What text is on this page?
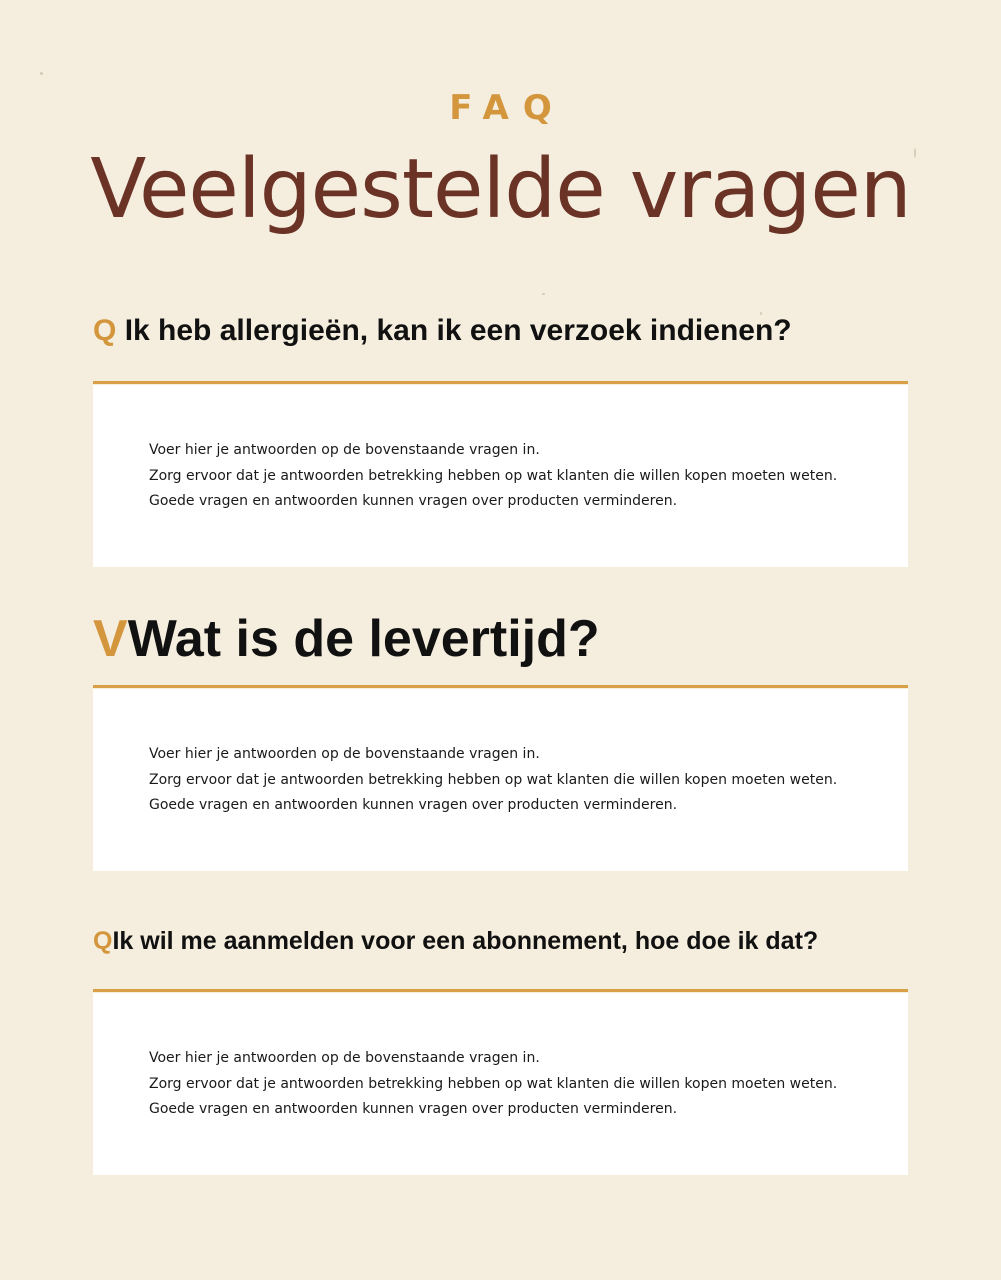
FAQ
Veelgestelde vragen
Q Ik heb allergieën, kan ik een verzoek indienen?
Voer hier je antwoorden op de bovenstaande vragen in.
Zorg ervoor dat je antwoorden betrekking hebben op wat klanten die willen kopen moeten weten.
Goede vragen en antwoorden kunnen vragen over producten verminderen.
VWat is de levertijd?
Voer hier je antwoorden op de bovenstaande vragen in.
Zorg ervoor dat je antwoorden betrekking hebben op wat klanten die willen kopen moeten weten.
Goede vragen en antwoorden kunnen vragen over producten verminderen.
QIk wil me aanmelden voor een abonnement, hoe doe ik dat?
Voer hier je antwoorden op de bovenstaande vragen in.
Zorg ervoor dat je antwoorden betrekking hebben op wat klanten die willen kopen moeten weten.
Goede vragen en antwoorden kunnen vragen over producten verminderen.
